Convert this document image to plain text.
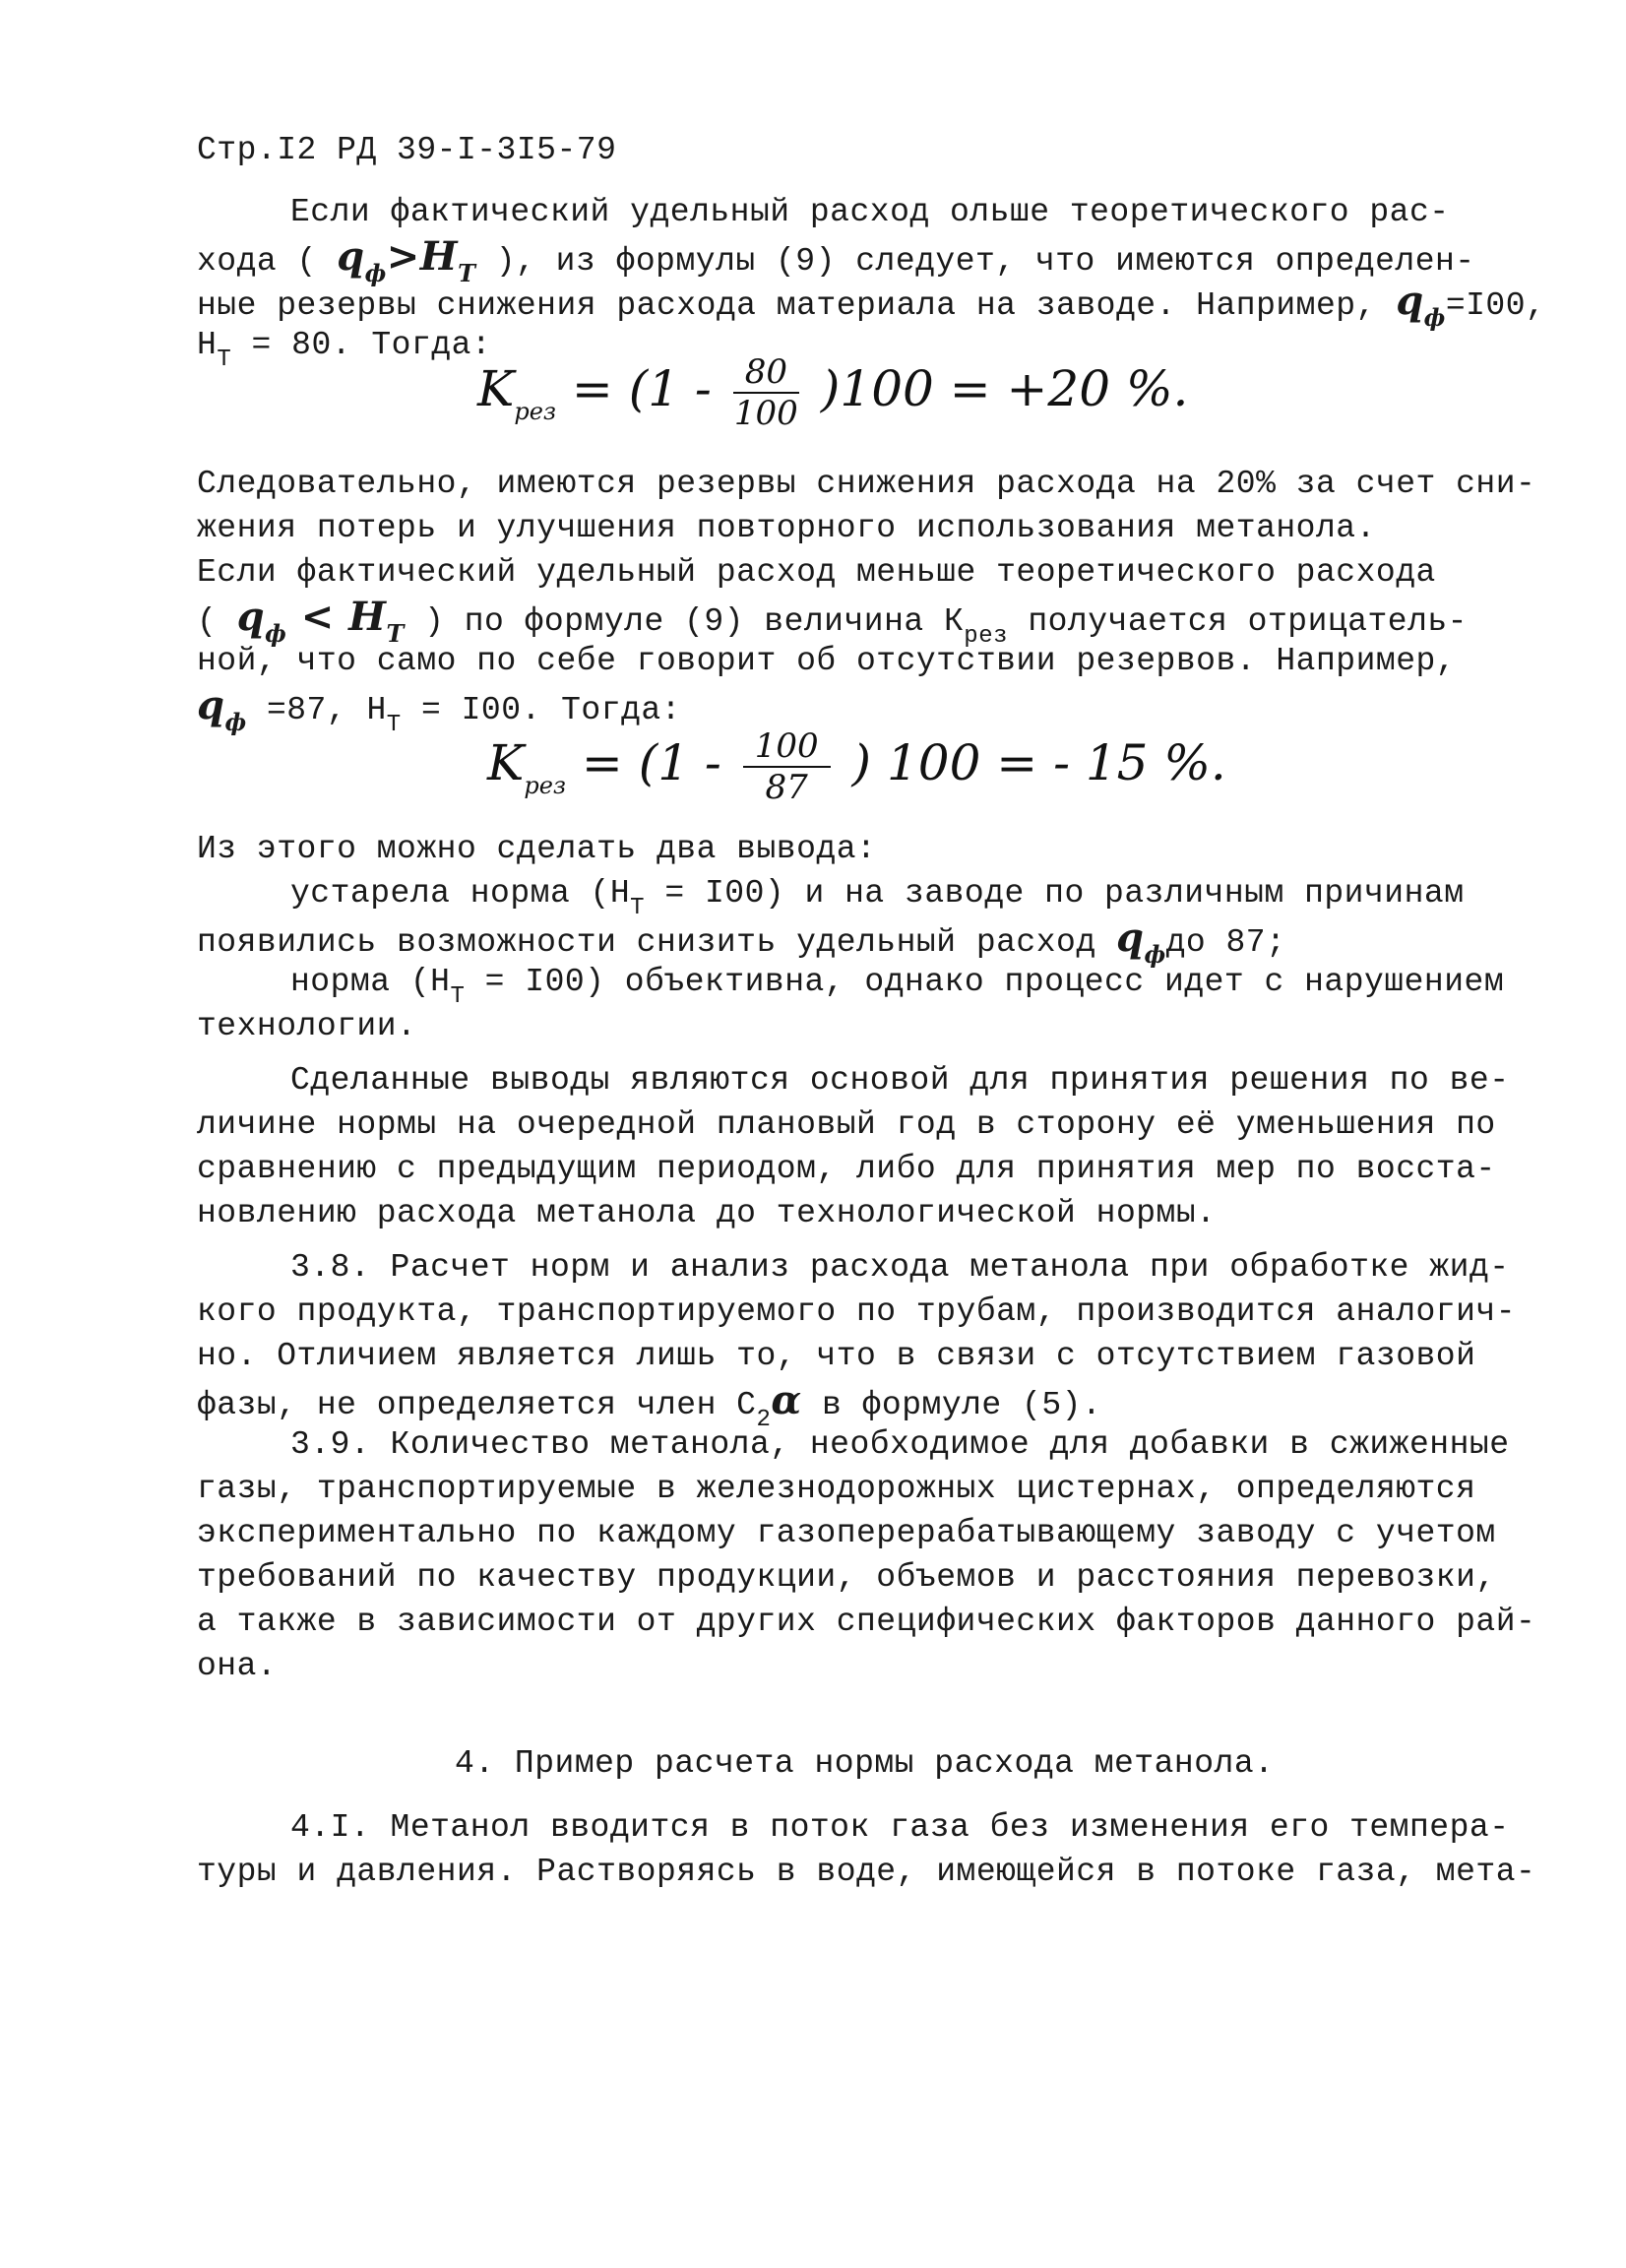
Стр.I2 РД 39-I-3I5-79
Если фактический удельный расход ольше теоретического рас-
хода ( $q_ф>H_Т$ ), из формулы (9) следует, что имеются определен-
ные резервы снижения расхода материала на заводе. Например, $q_ф=I00$,
$Н_Т = 80$. Тогда:
$K_{рез} = (1 - \frac{80}{100} )100 = +20$ %.
Следовательно, имеются резервы снижения расхода на 20% за счет сни-
жения потерь и улучшения повторного использования метанола.
Если фактический удельный расход меньше теоретического расхода
( $q_ф < H_Т$ ) по формуле (9) величина $К_{рез}$ получается отрицатель-
ной, что само по себе говорит об отсутствии резервов. Например,
$q_ф =87$, $Н_Т = I00$. Тогда:
$K_{рез} = (1 - \frac{100}{87}$ ) 100 = - 15 %.
Из этого можно сделать два вывода:
устарела норма $(Н_Т = I00)$ и на заводе по различным причинам
появились возможности снизить удельный расход $q_фдо$ 87;
норма $(Н_Т = I00)$ объективна, однако процесс идет с нарушением
технологии.
Сделанные выводы являются основой для принятия решения по ве-
личине нормы на очередной плановый год в сторону её уменьшения по
сравнению с предыдущим периодом, либо для принятия мер по восста-
новлению расхода метанола до технологической нормы.
3.8. Расчет норм и анализ расхода метанола при обработке жид-
кого продукта, транспортируемого по трубам, производится аналогич-
но. Отличием является лишь то, что в связи с отсутствием газовой
фазы, не определяется член $С_2\alpha$ в формуле (5).
3.9. Количество метанола, необходимое для добавки в сжиженные
газы, транспортируемые в железнодорожных цистернах, определяются
экспериментально по каждому газоперерабатывающему заводу с учетом
требований по качеству продукции, объемов и расстояния перевозки,
а также в зависимости от других специфических факторов данного рай-
она.
4. Пример расчета нормы расхода метанола.
4.I. Метанол вводится в поток газа без изменения его темпера-
туры и давления. Растворяясь в воде, имеющейся в потоке газа, мета-
